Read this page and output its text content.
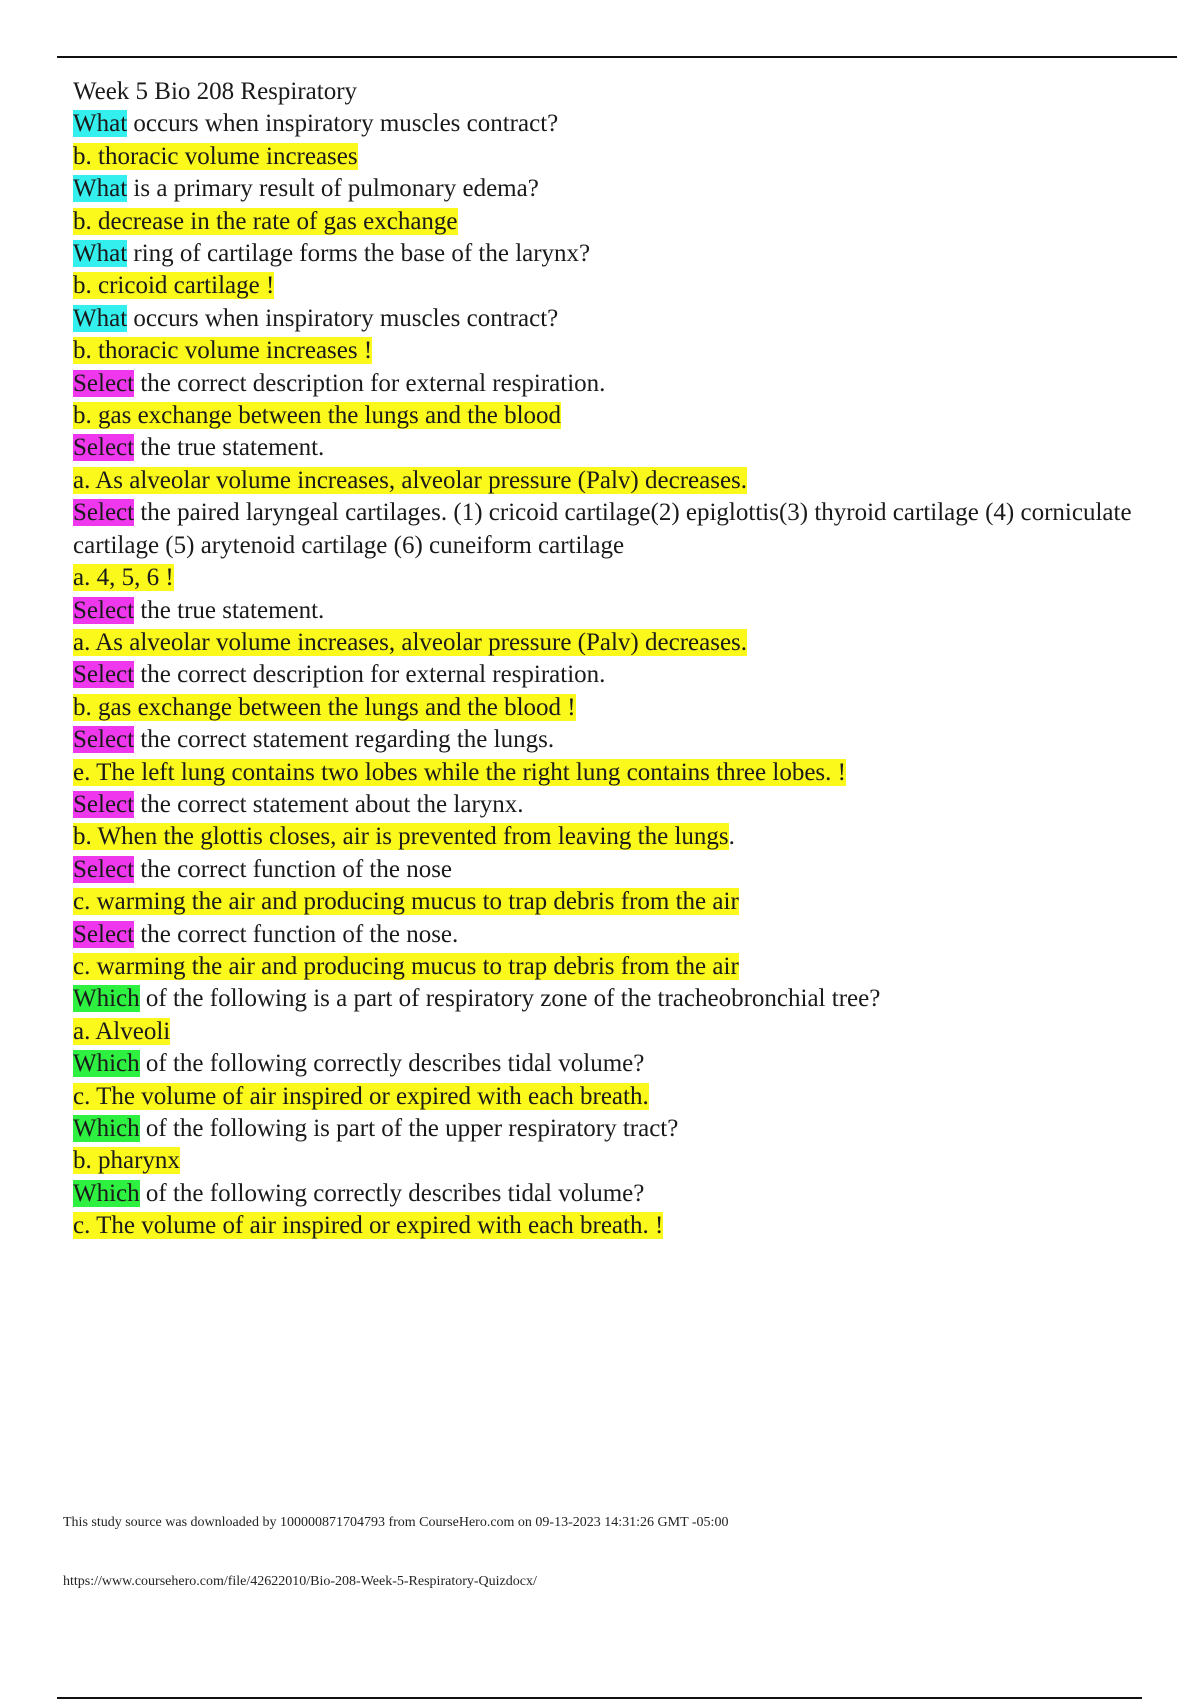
Week 5 Bio 208 Respiratory

What occurs when inspiratory muscles contract?

b. thoracic volume increases

What is a primary result of pulmonary edema?

b. decrease in the rate of gas exchange

What ring of cartilage forms the base of the larynx?

b. cricoid cartilage !

What occurs when inspiratory muscles contract?

b. thoracic volume increases !

Select the correct description for external respiration.

b. gas exchange between the lungs and the blood

Select the true statement.

a. As alveolar volume increases, alveolar pressure (Palv) decreases.

Select the paired laryngeal cartilages. (1) cricoid cartilage(2) epiglottis(3) thyroid cartilage (4) corniculate cartilage (5) arytenoid cartilage (6) cuneiform cartilage

a. 4, 5, 6 !

Select the true statement.

a. As alveolar volume increases, alveolar pressure (Palv) decreases.

Select the correct description for external respiration.

b. gas exchange between the lungs and the blood !

Select the correct statement regarding the lungs.

e. The left lung contains two lobes while the right lung contains three lobes. !

Select the correct statement about the larynx.

b. When the glottis closes, air is prevented from leaving the lungs.

Select the correct function of the nose

c. warming the air and producing mucus to trap debris from the air

Select the correct function of the nose.

c. warming the air and producing mucus to trap debris from the air

Which of the following is a part of respiratory zone of the tracheobronchial tree?

a. Alveoli

Which of the following correctly describes tidal volume?

c. The volume of air inspired or expired with each breath.

Which of the following is part of the upper respiratory tract?

b. pharynx

Which of the following correctly describes tidal volume?

c. The volume of air inspired or expired with each breath. !

This study source was downloaded by 100000871704793 from CourseHero.com on 09-13-2023 14:31:26 GMT -05:00
https://www.coursehero.com/file/42622010/Bio-208-Week-5-Respiratory-Quizdocx/
